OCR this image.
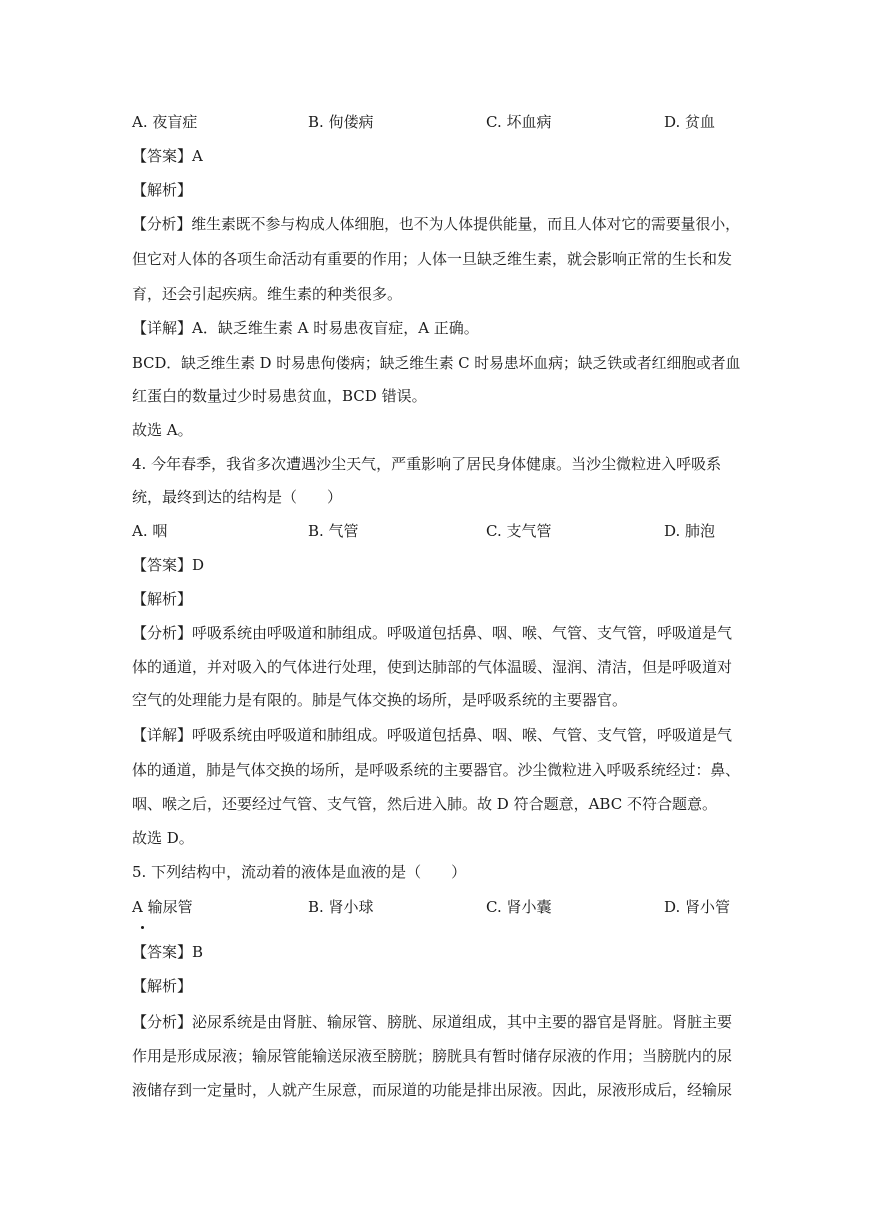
A. 夜盲症	B. 佝偻病	C. 坏血病	D. 贫血
【答案】A
【解析】
【分析】维生素既不参与构成人体细胞，也不为人体提供能量，而且人体对它的需要量很小，
但它对人体的各项生命活动有重要的作用；人体一旦缺乏维生素，就会影响正常的生长和发
育，还会引起疾病。维生素的种类很多。
【详解】A．缺乏维生素 A 时易患夜盲症，A 正确。
BCD．缺乏维生素 D 时易患佝偻病；缺乏维生素 C 时易患坏血病；缺乏铁或者红细胞或者血
红蛋白的数量过少时易患贫血，BCD 错误。
故选 A。
4. 今年春季，我省多次遭遇沙尘天气，严重影响了居民身体健康。当沙尘微粒进入呼吸系
统，最终到达的结构是（　　）
A. 咽	B. 气管	C. 支气管	D. 肺泡
【答案】D
【解析】
【分析】呼吸系统由呼吸道和肺组成。呼吸道包括鼻、咽、喉、气管、支气管，呼吸道是气
体的通道，并对吸入的气体进行处理，使到达肺部的气体温暖、湿润、清洁，但是呼吸道对
空气的处理能力是有限的。肺是气体交换的场所，是呼吸系统的主要器官。
【详解】呼吸系统由呼吸道和肺组成。呼吸道包括鼻、咽、喉、气管、支气管，呼吸道是气
体的通道，肺是气体交换的场所，是呼吸系统的主要器官。沙尘微粒进入呼吸系统经过：鼻、
咽、喉之后，还要经过气管、支气管，然后进入肺。故 D 符合题意，ABC 不符合题意。
故选 D。
5. 下列结构中，流动着的液体是血液的是（　　）
A 输尿管	B. 肾小球	C. 肾小囊	D. 肾小管
【答案】B
【解析】
【分析】泌尿系统是由肾脏、输尿管、膀胱、尿道组成，其中主要的器官是肾脏。肾脏主要
作用是形成尿液；输尿管能输送尿液至膀胱；膀胱具有暂时储存尿液的作用；当膀胱内的尿
液储存到一定量时，人就产生尿意，而尿道的功能是排出尿液。因此，尿液形成后，经输尿
